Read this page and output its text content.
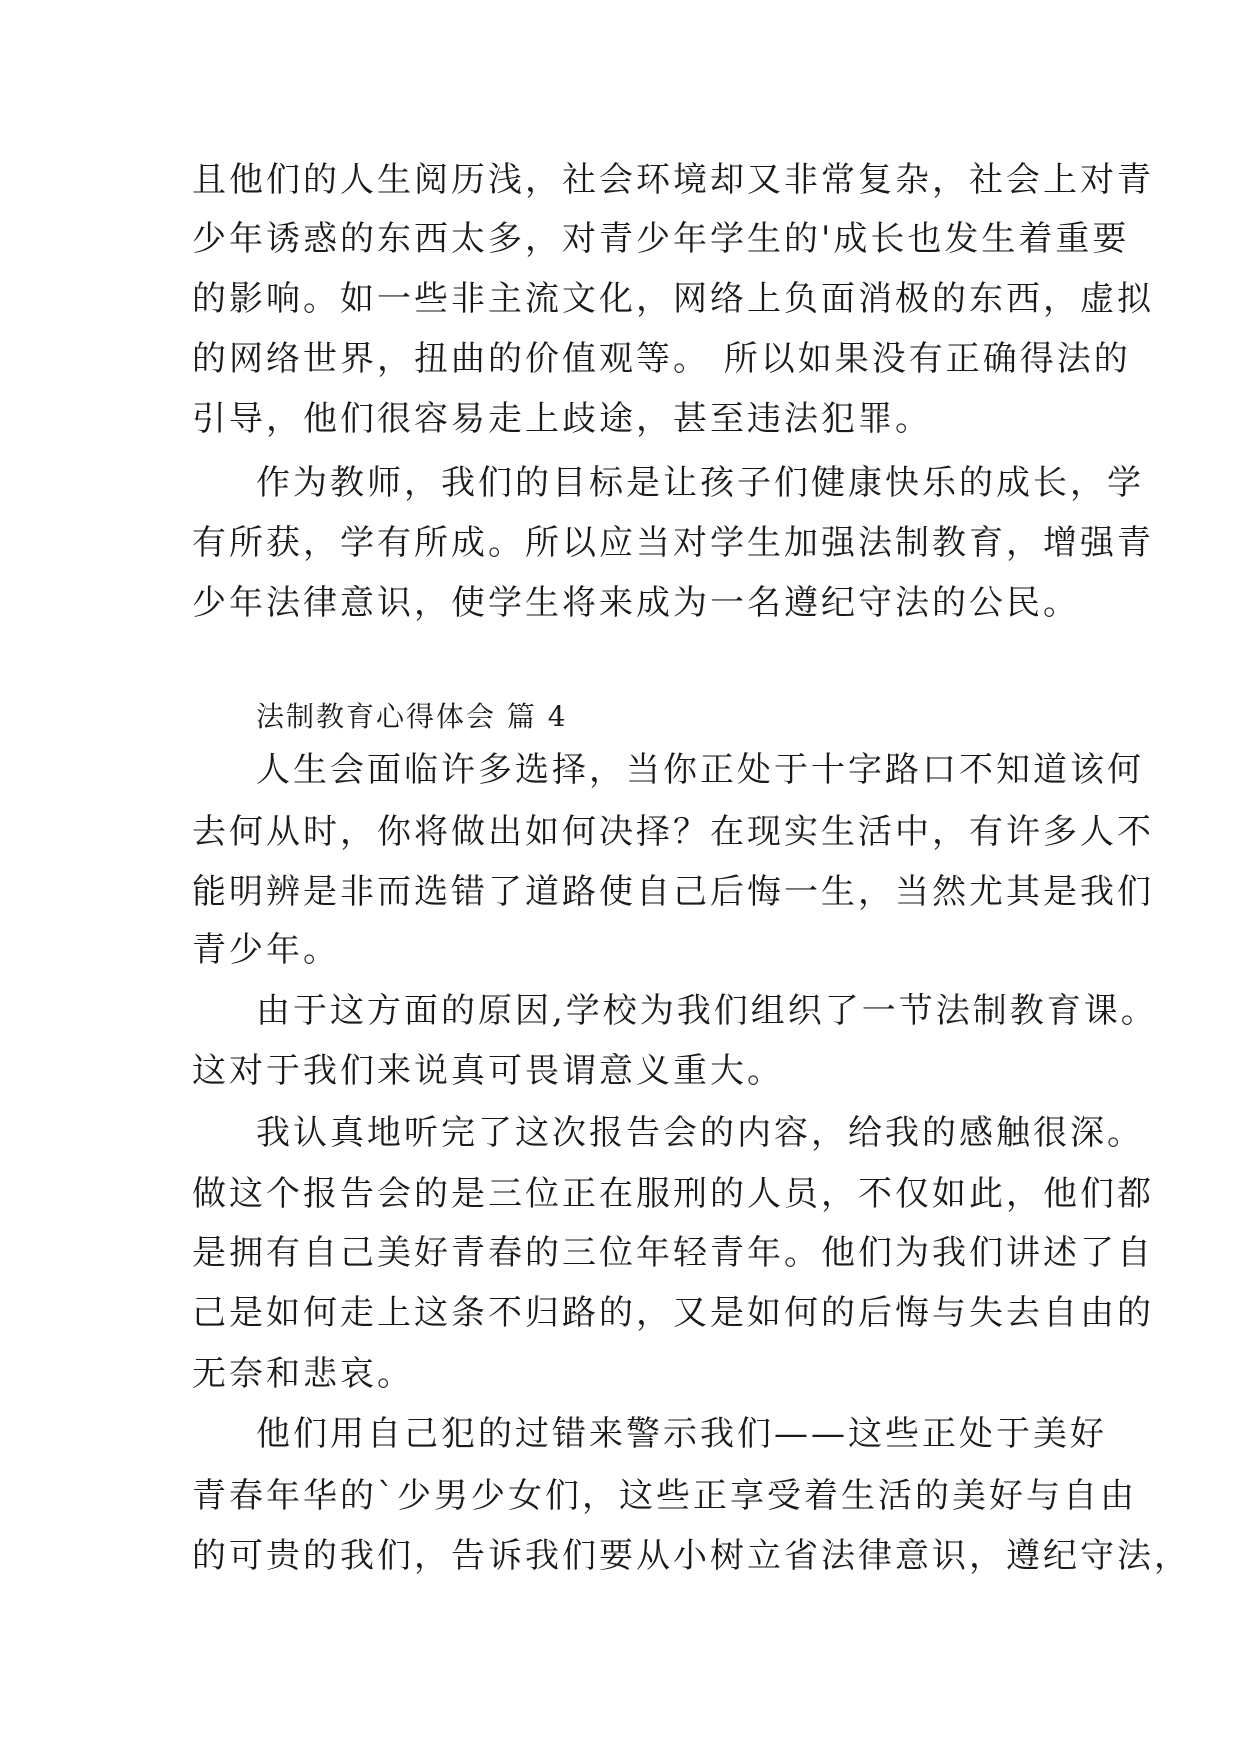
且他们的人生阅历浅，社会环境却又非常复杂，社会上对青
少年诱惑的东西太多，对青少年学生的'成长也发生着重要
的影响。如一些非主流文化，网络上负面消极的东西，虚拟
的网络世界，扭曲的价值观等。 所以如果没有正确得法的
引导，他们很容易走上歧途，甚至违法犯罪。
作为教师，我们的目标是让孩子们健康快乐的成长，学
有所获，学有所成。所以应当对学生加强法制教育，增强青
少年法律意识，使学生将来成为一名遵纪守法的公民。
法制教育心得体会 篇 4
人生会面临许多选择，当你正处于十字路口不知道该何
去何从时，你将做出如何决择？在现实生活中，有许多人不
能明辨是非而选错了道路使自己后悔一生，当然尤其是我们
青少年。
由于这方面的原因,学校为我们组织了一节法制教育课。
这对于我们来说真可畏谓意义重大。
我认真地听完了这次报告会的内容，给我的感触很深。
做这个报告会的是三位正在服刑的人员，不仅如此，他们都
是拥有自己美好青春的三位年轻青年。他们为我们讲述了自
己是如何走上这条不归路的，又是如何的后悔与失去自由的
无奈和悲哀。
他们用自己犯的过错来警示我们——这些正处于美好
青春年华的`少男少女们，这些正享受着生活的美好与自由
的可贵的我们，告诉我们要从小树立省法律意识，遵纪守法，
